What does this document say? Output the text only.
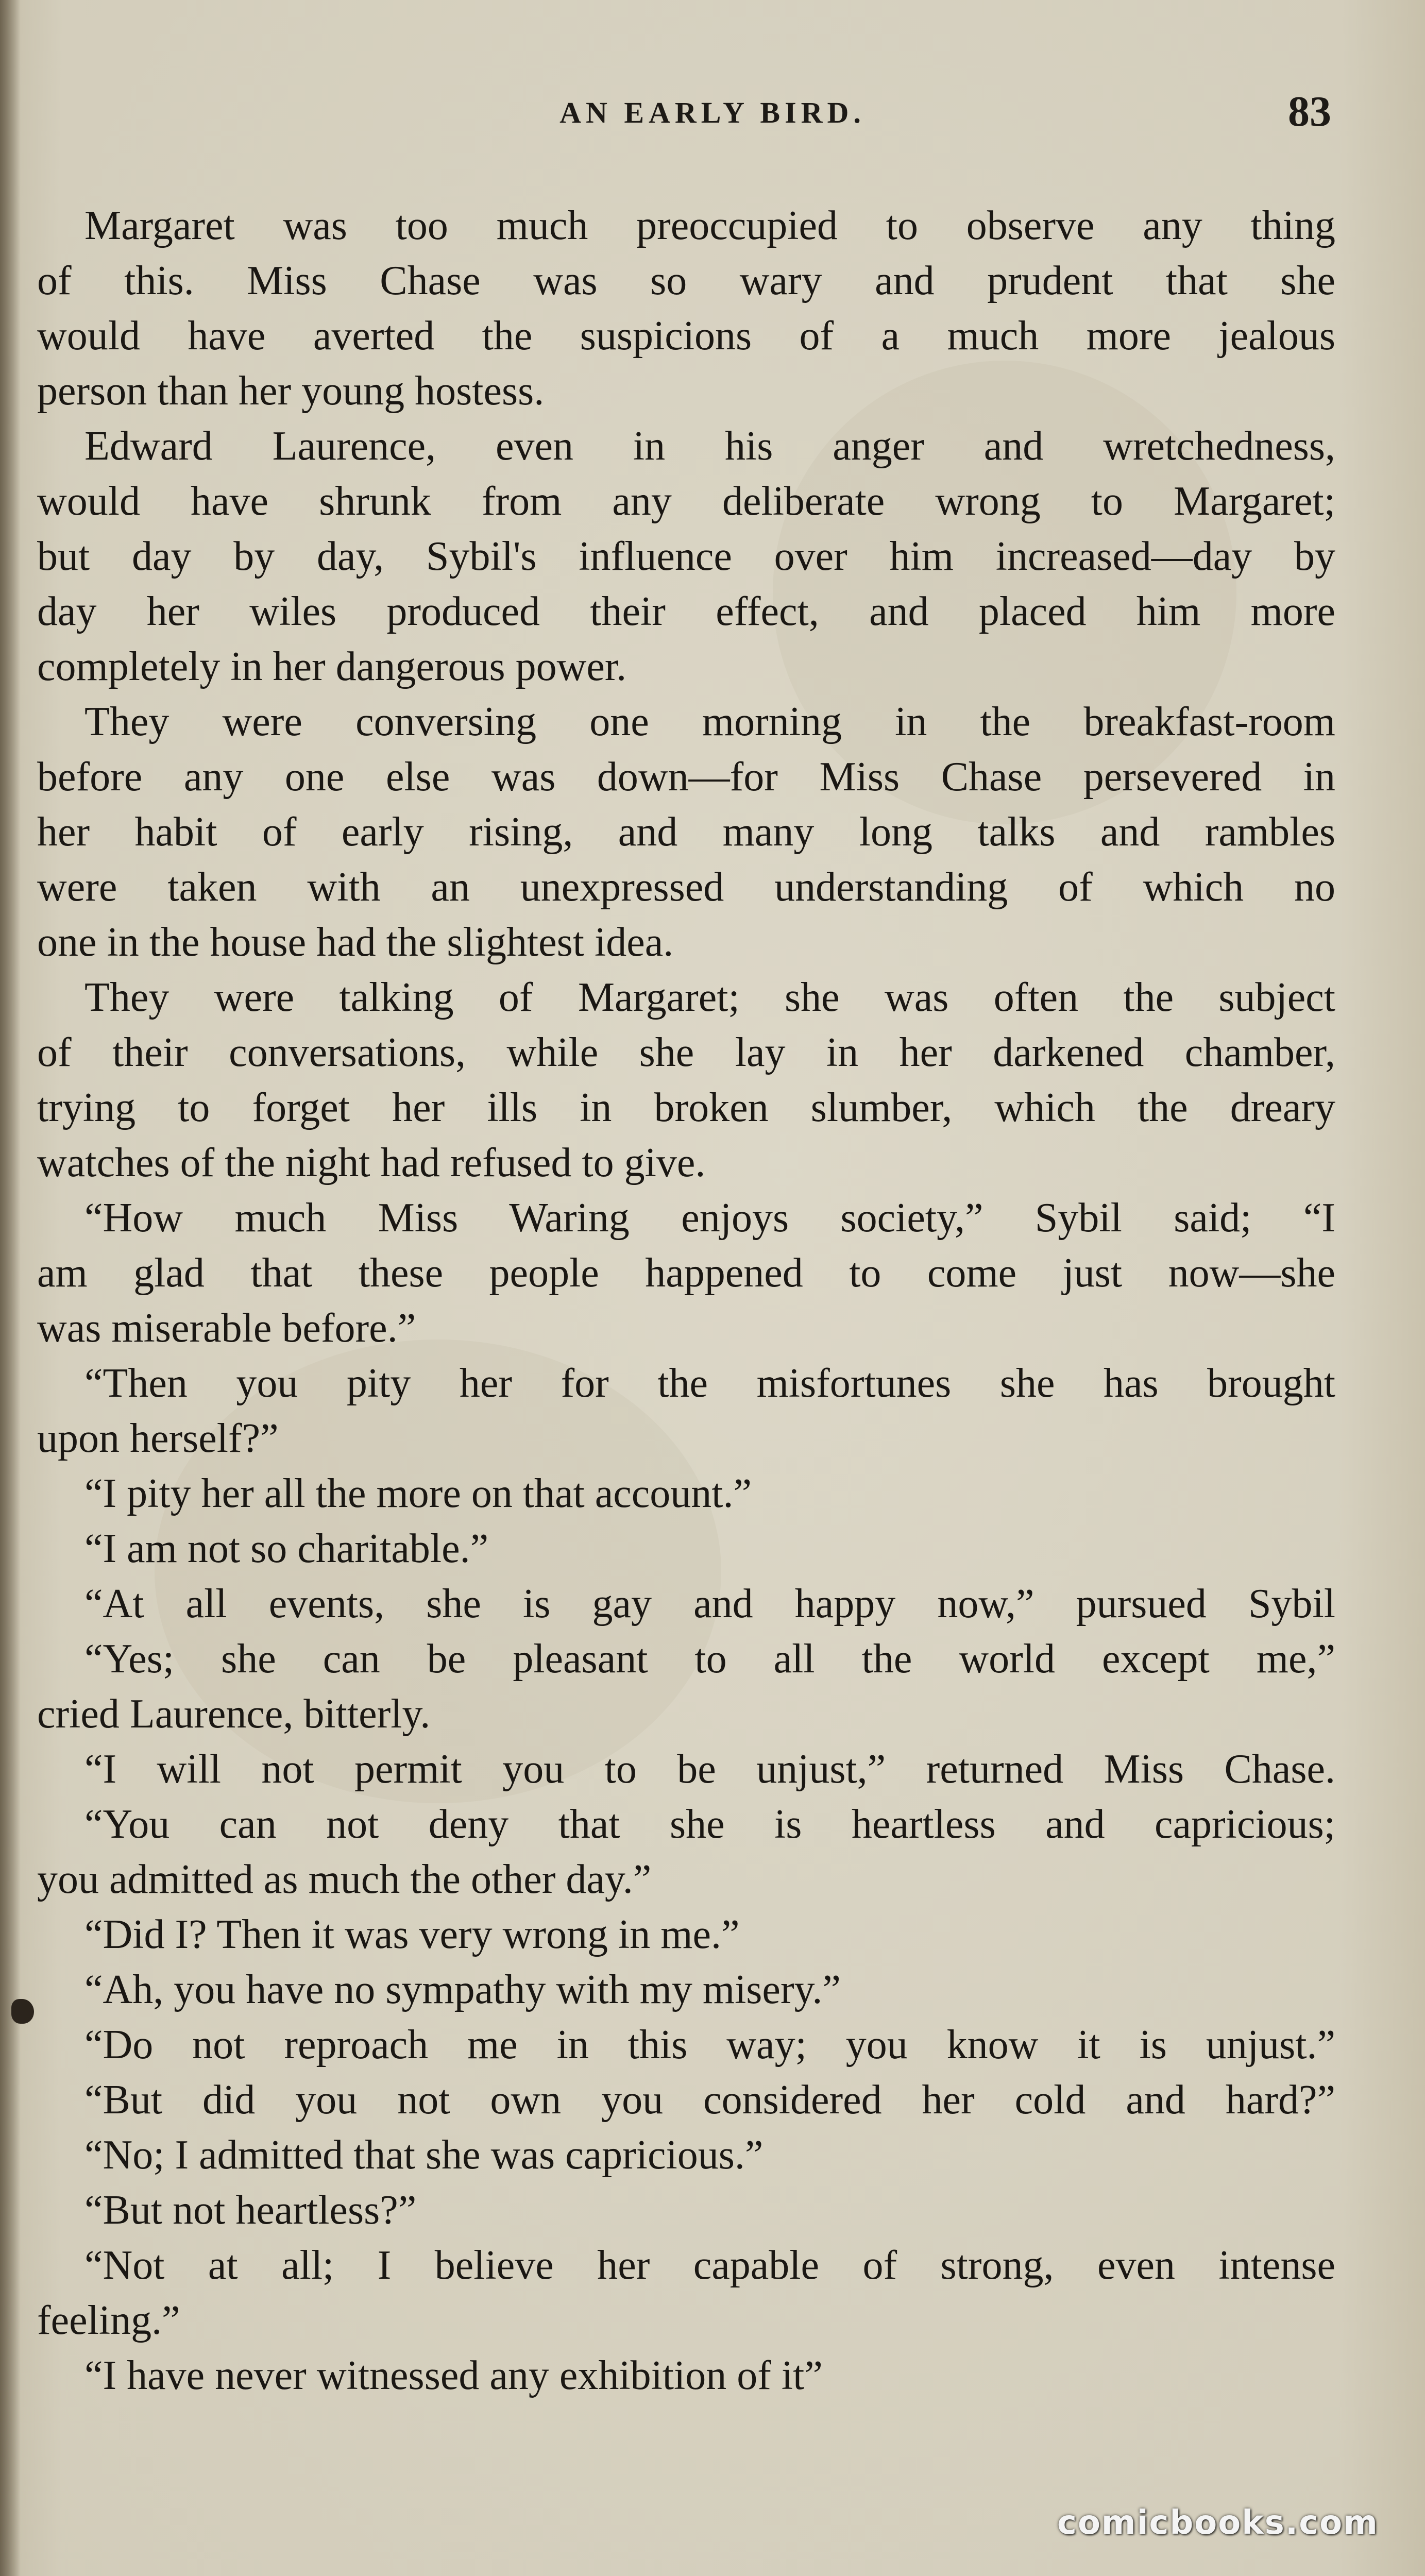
AN EARLY BIRD.	83
Margaret was too much preoccupied to observe any thing
of this. Miss Chase was so wary and prudent that she
would have averted the suspicions of a much more jealous
person than her young hostess.
Edward Laurence, even in his anger and wretchedness,
would have shrunk from any deliberate wrong to Margaret;
but day by day, Sybil's influence over him increased—day by
day her wiles produced their effect, and placed him more
completely in her dangerous power.
They were conversing one morning in the breakfast-room
before any one else was down—for Miss Chase persevered in
her habit of early rising, and many long talks and rambles
were taken with an unexpressed understanding of which no
one in the house had the slightest idea.
They were talking of Margaret; she was often the subject
of their conversations, while she lay in her darkened chamber,
trying to forget her ills in broken slumber, which the dreary
watches of the night had refused to give.
“How much Miss Waring enjoys society,” Sybil said; “I
am glad that these people happened to come just now—she
was miserable before.”
“Then you pity her for the misfortunes she has brought
upon herself?”
“I pity her all the more on that account.”
“I am not so charitable.”
“At all events, she is gay and happy now,” pursued Sybil
“Yes; she can be pleasant to all the world except me,”
cried Laurence, bitterly.
“I will not permit you to be unjust,” returned Miss Chase.
“You can not deny that she is heartless and capricious;
you admitted as much the other day.”
“Did I? Then it was very wrong in me.”
“Ah, you have no sympathy with my misery.”
“Do not reproach me in this way; you know it is unjust.”
“But did you not own you considered her cold and hard?”
“No; I admitted that she was capricious.”
“But not heartless?”
“Not at all; I believe her capable of strong, even intense
feeling.”
“I have never witnessed any exhibition of it”
comicbooks.com
